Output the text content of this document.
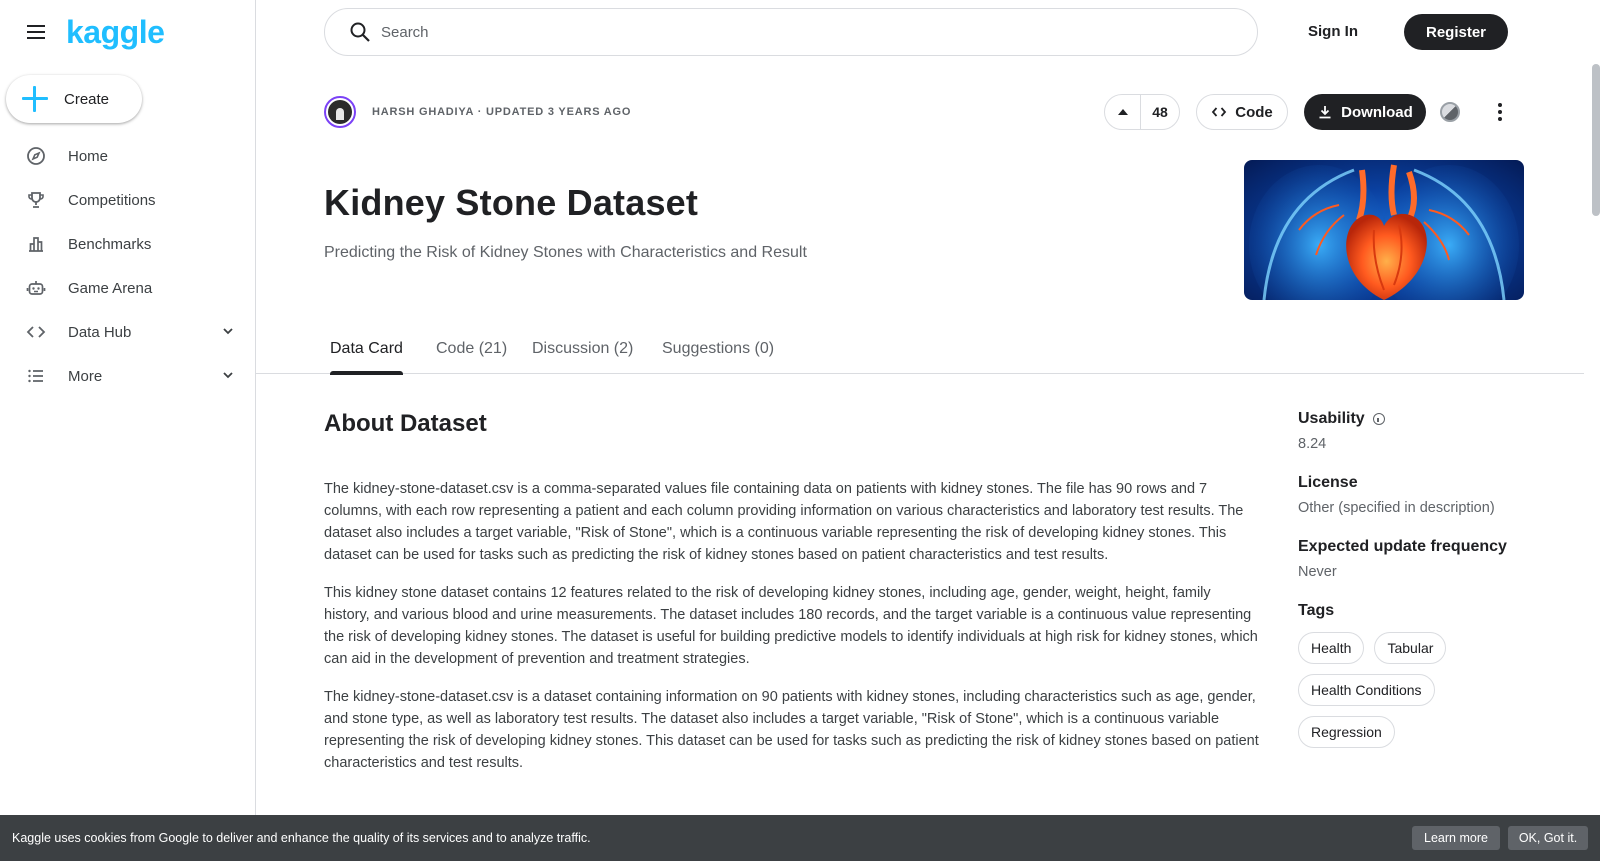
kaggle
Create
Home
Competitions
Benchmarks
Game Arena
Data Hub
More
Search
Sign In	Register
HARSH GHADIYA · UPDATED 3 YEARS AGO	48	Code	Download
Kidney Stone Dataset
Predicting the Risk of Kidney Stones with Characteristics and Result
Data Card Code (21) Discussion (2) Suggestions (0)
About Dataset

The kidney-stone-dataset.csv is a comma-separated values file containing data on patients with kidney stones. The file has 90 rows and 7 columns, with each row representing a patient and each column providing information on various characteristics and laboratory test results. The dataset also includes a target variable, "Risk of Stone", which is a continuous variable representing the risk of developing kidney stones. This dataset can be used for tasks such as predicting the risk of kidney stones based on patient characteristics and test results.

This kidney stone dataset contains 12 features related to the risk of developing kidney stones, including age, gender, weight, height, family history, and various blood and urine measurements. The dataset includes 180 records, and the target variable is a continuous value representing the risk of developing kidney stones. The dataset is useful for building predictive models to identify individuals at high risk for kidney stones, which can aid in the development of prevention and treatment strategies.

The kidney-stone-dataset.csv is a dataset containing information on 90 patients with kidney stones, including characteristics such as age, gender, and stone type, as well as laboratory test results. The dataset also includes a target variable, "Risk of Stone", which is a continuous variable representing the risk of developing kidney stones. This dataset can be used for tasks such as predicting the risk of kidney stones based on patient characteristics and test results.

Usability
8.24
License
Other (specified in description)
Expected update frequency
Never
Tags
Health	Tabular
Health Conditions
Regression
Kaggle uses cookies from Google to deliver and enhance the quality of its services and to analyze traffic.	Learn more	OK, Got it.
